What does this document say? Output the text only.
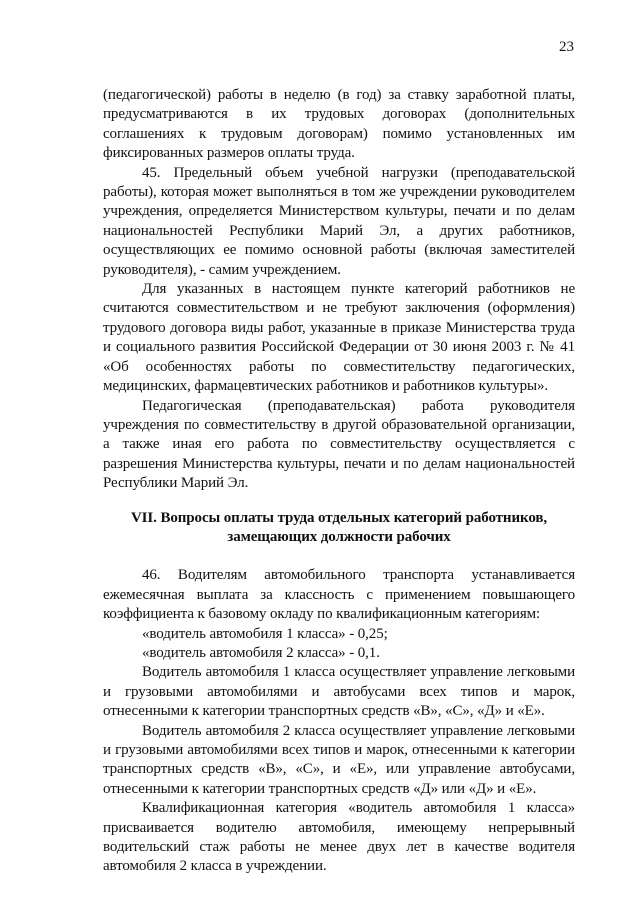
23

(педагогической) работы в неделю (в год) за ставку заработной платы, предусматриваются в их трудовых договорах (дополнительных соглашениях к трудовым договорам) помимо установленных им фиксированных размеров оплаты труда.

45. Предельный объем учебной нагрузки (преподавательской работы), которая может выполняться в том же учреждении руководителем учреждения, определяется Министерством культуры, печати и по делам национальностей Республики Марий Эл, а других работников, осуществляющих ее помимо основной работы (включая заместителей руководителя), - самим учреждением.

Для указанных в настоящем пункте категорий работников не считаются совместительством и не требуют заключения (оформления) трудового договора виды работ, указанные в приказе Министерства труда и социального развития Российской Федерации от 30 июня 2003 г. № 41 «Об особенностях работы по совместительству педагогических, медицинских, фармацевтических работников и работников культуры».

Педагогическая (преподавательская) работа руководителя учреждения по совместительству в другой образовательной организации, а также иная его работа по совместительству осуществляется с разрешения Министерства культуры, печати и по делам национальностей Республики Марий Эл.

VII. Вопросы оплаты труда отдельных категорий работников,
замещающих должности рабочих

46. Водителям автомобильного транспорта устанавливается ежемесячная выплата за классность с применением повышающего коэффициента к базовому окладу по квалификационным категориям:

«водитель автомобиля 1 класса» - 0,25;

«водитель автомобиля 2 класса» - 0,1.

Водитель автомобиля 1 класса осуществляет управление легковыми и грузовыми автомобилями и автобусами всех типов и марок, отнесенными к категории транспортных средств «В», «С», «Д» и «Е».

Водитель автомобиля 2 класса осуществляет управление легковыми и грузовыми автомобилями всех типов и марок, отнесенными к категории транспортных средств «В», «С», и «Е», или управление автобусами, отнесенными к категории транспортных средств «Д» или «Д» и «Е».

Квалификационная категория «водитель автомобиля 1 класса» присваивается водителю автомобиля, имеющему непрерывный водительский стаж работы не менее двух лет в качестве водителя автомобиля 2 класса в учреждении.
